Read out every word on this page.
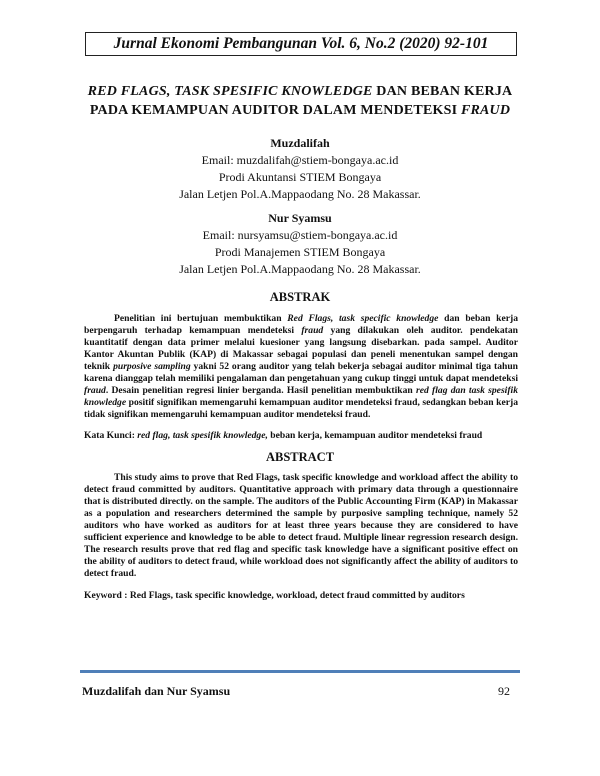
Jurnal Ekonomi Pembangunan Vol. 6, No.2 (2020) 92-101
RED FLAGS, TASK SPESIFIC KNOWLEDGE DAN BEBAN KERJA
PADA KEMAMPUAN AUDITOR DALAM MENDETEKSI FRAUD
Muzdalifah
Email: muzdalifah@stiem-bongaya.ac.id
Prodi Akuntansi STIEM Bongaya
Jalan Letjen Pol.A.Mappaodang No. 28 Makassar.
Nur Syamsu
Email: nursyamsu@stiem-bongaya.ac.id
Prodi Manajemen STIEM Bongaya
Jalan Letjen Pol.A.Mappaodang No. 28 Makassar.
ABSTRAK
Penelitian ini bertujuan membuktikan Red Flags, task specific knowledge dan beban kerja berpengaruh terhadap kemampuan mendeteksi fraud yang dilakukan oleh auditor. pendekatan kuantitatif dengan data primer melalui kuesioner yang langsung disebarkan. pada sampel. Auditor Kantor Akuntan Publik (KAP) di Makassar sebagai populasi dan peneli menentukan sampel dengan teknik purposive sampling yakni 52 orang auditor yang telah bekerja sebagai auditor minimal tiga tahun karena dianggap telah memiliki pengalaman dan pengetahuan yang cukup tinggi untuk dapat mendeteksi fraud. Desain penelitian regresi linier berganda. Hasil penelitian membuktikan red flag dan task spesifik knowledge positif signifikan memengaruhi kemampuan auditor mendeteksi fraud, sedangkan beban kerja tidak signifikan memengaruhi kemampuan auditor mendeteksi fraud.
Kata Kunci: red flag, task spesifik knowledge, beban kerja, kemampuan auditor mendeteksi fraud
ABSTRACT
This study aims to prove that Red Flags, task specific knowledge and workload affect the ability to detect fraud committed by auditors. Quantitative approach with primary data through a questionnaire that is distributed directly. on the sample. The auditors of the Public Accounting Firm (KAP) in Makassar as a population and researchers determined the sample by purposive sampling technique, namely 52 auditors who have worked as auditors for at least three years because they are considered to have sufficient experience and knowledge to be able to detect fraud. Multiple linear regression research design. The research results prove that red flag and specific task knowledge have a significant positive effect on the ability of auditors to detect fraud, while workload does not significantly affect the ability of auditors to detect fraud.
Keyword : Red Flags, task specific knowledge, workload, detect fraud committed by auditors
Muzdalifah dan Nur Syamsu	92
